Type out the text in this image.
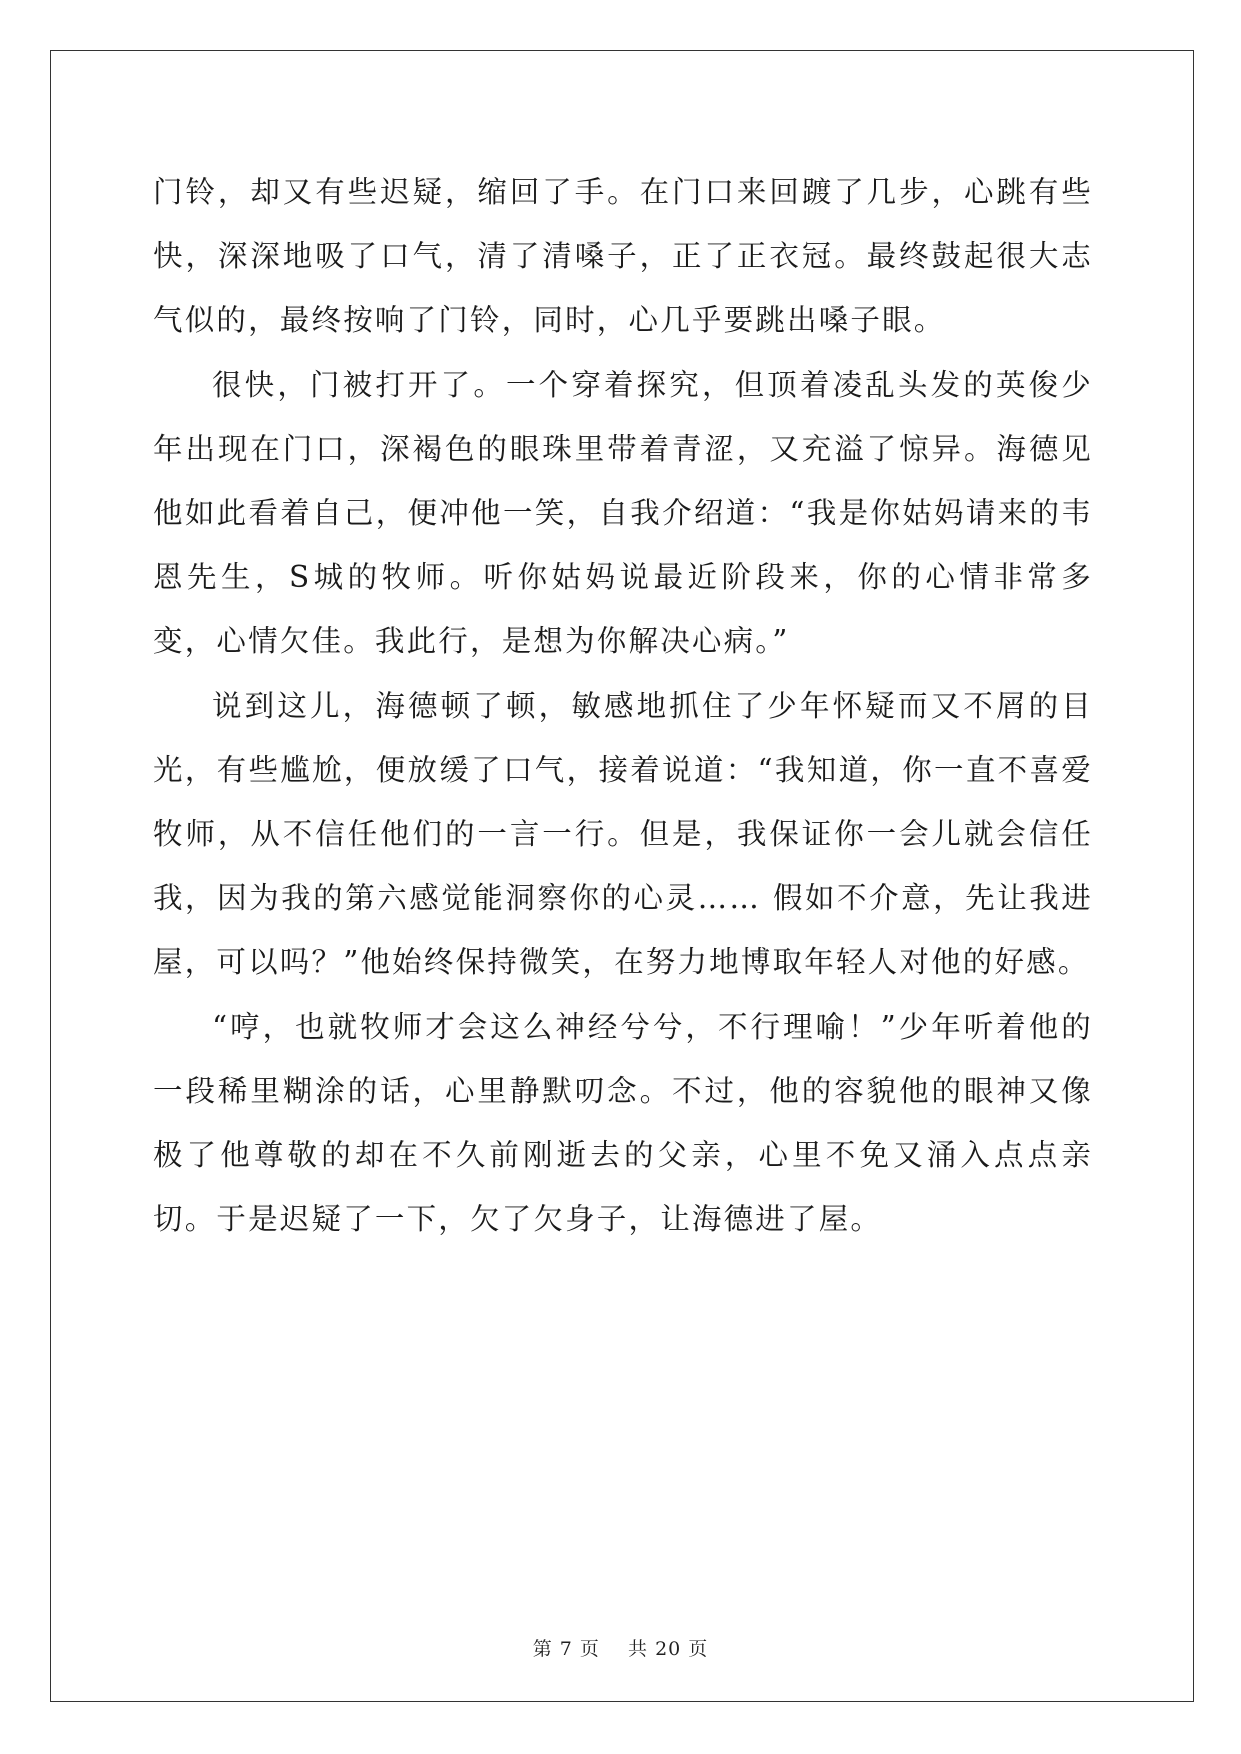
门铃，却又有些迟疑，缩回了手。在门口来回踱了几步，心跳有些快，深深地吸了口气，清了清嗓子，正了正衣冠。最终鼓起很大志气似的，最终按响了门铃，同时，心几乎要跳出嗓子眼。

很快，门被打开了。一个穿着探究，但顶着凌乱头发的英俊少年出现在门口，深褐色的眼珠里带着青涩，又充溢了惊异。海德见他如此看着自己，便冲他一笑，自我介绍道：“我是你姑妈请来的韦恩先生，S城的牧师。听你姑妈说最近阶段来，你的心情非常多变，心情欠佳。我此行，是想为你解决心病。”

说到这儿，海德顿了顿，敏感地抓住了少年怀疑而又不屑的目光，有些尴尬，便放缓了口气，接着说道：“我知道，你一直不喜爱牧师，从不信任他们的一言一行。但是，我保证你一会儿就会信任我，因为我的第六感觉能洞察你的心灵…… 假如不介意，先让我进屋，可以吗？”他始终保持微笑，在努力地博取年轻人对他的好感。

“哼，也就牧师才会这么神经兮兮，不行理喻！”少年听着他的一段稀里糊涂的话，心里静默叨念。不过，他的容貌他的眼神又像极了他尊敬的却在不久前刚逝去的父亲，心里不免又涌入点点亲切。于是迟疑了一下，欠了欠身子，让海德进了屋。

第 7 页 共 20 页
